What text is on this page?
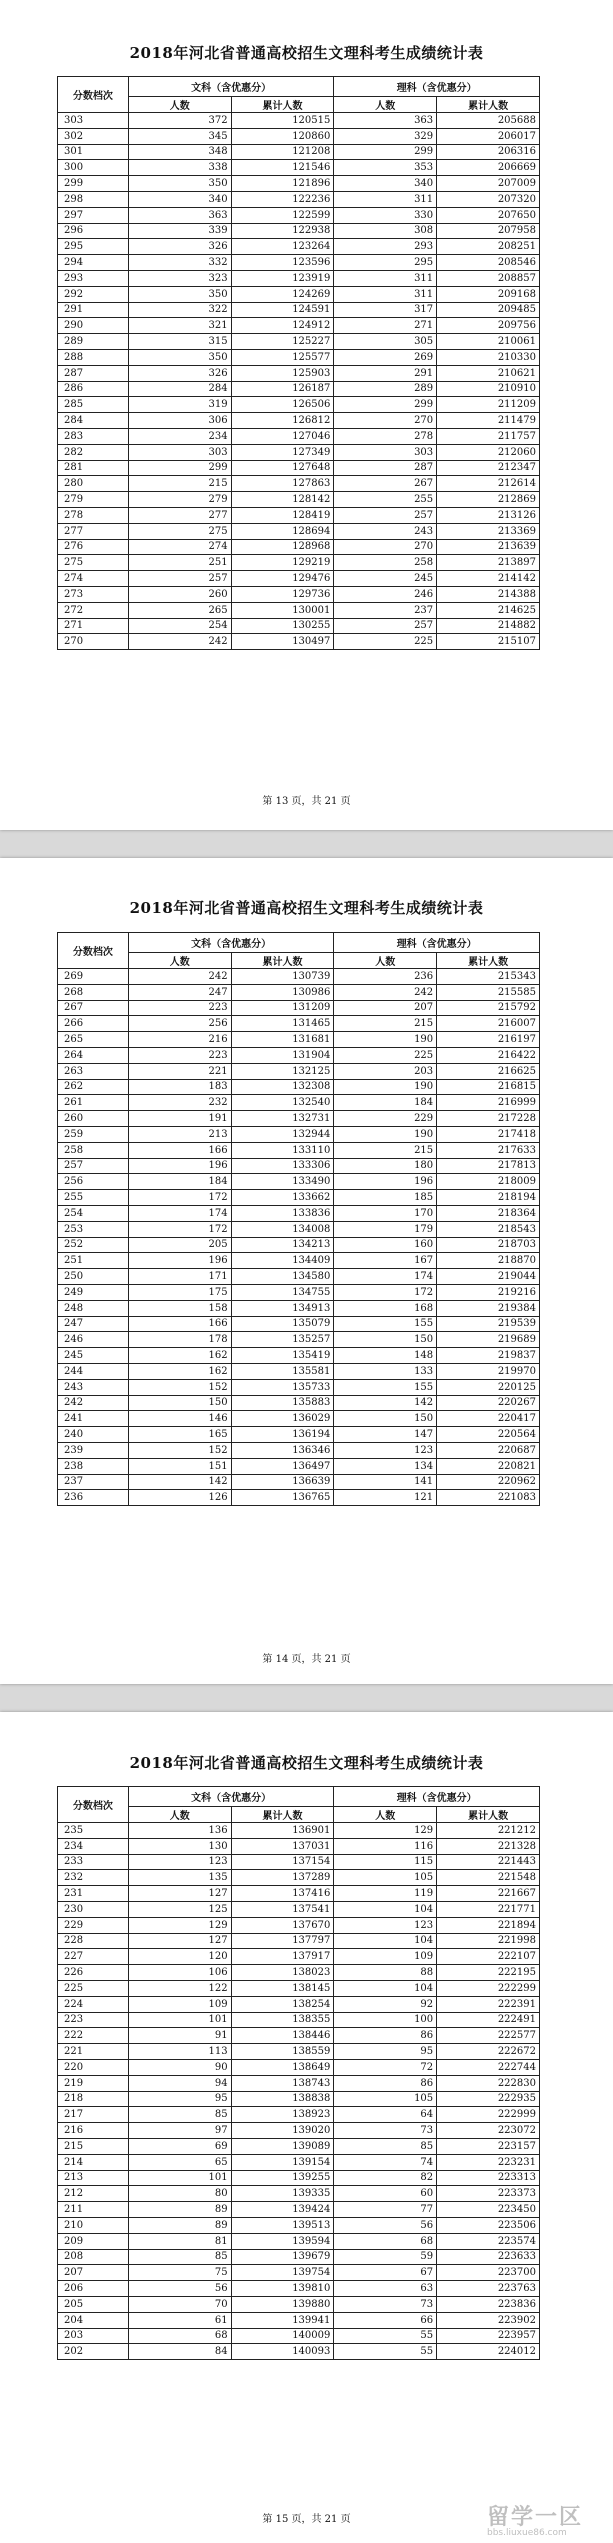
2018年河北省普通高校招生文理科考生成绩统计表
分数档次	文科（含优惠分）		理科（含优惠分）	
	人数	累计人数	人数	累计人数
303	372	120515	363	205688
302	345	120860	329	206017
301	348	121208	299	206316
300	338	121546	353	206669
299	350	121896	340	207009
298	340	122236	311	207320
297	363	122599	330	207650
296	339	122938	308	207958
295	326	123264	293	208251
294	332	123596	295	208546
293	323	123919	311	208857
292	350	124269	311	209168
291	322	124591	317	209485
290	321	124912	271	209756
289	315	125227	305	210061
288	350	125577	269	210330
287	326	125903	291	210621
286	284	126187	289	210910
285	319	126506	299	211209
284	306	126812	270	211479
283	234	127046	278	211757
282	303	127349	303	212060
281	299	127648	287	212347
280	215	127863	267	212614
279	279	128142	255	212869
278	277	128419	257	213126
277	275	128694	243	213369
276	274	128968	270	213639
275	251	129219	258	213897
274	257	129476	245	214142
273	260	129736	246	214388
272	265	130001	237	214625
271	254	130255	257	214882
270	242	130497	225	215107
第 13 页，共 21 页
2018年河北省普通高校招生文理科考生成绩统计表
分数档次	文科（含优惠分）		理科（含优惠分）	
	人数	累计人数	人数	累计人数
269	242	130739	236	215343
268	247	130986	242	215585
267	223	131209	207	215792
266	256	131465	215	216007
265	216	131681	190	216197
264	223	131904	225	216422
263	221	132125	203	216625
262	183	132308	190	216815
261	232	132540	184	216999
260	191	132731	229	217228
259	213	132944	190	217418
258	166	133110	215	217633
257	196	133306	180	217813
256	184	133490	196	218009
255	172	133662	185	218194
254	174	133836	170	218364
253	172	134008	179	218543
252	205	134213	160	218703
251	196	134409	167	218870
250	171	134580	174	219044
249	175	134755	172	219216
248	158	134913	168	219384
247	166	135079	155	219539
246	178	135257	150	219689
245	162	135419	148	219837
244	162	135581	133	219970
243	152	135733	155	220125
242	150	135883	142	220267
241	146	136029	150	220417
240	165	136194	147	220564
239	152	136346	123	220687
238	151	136497	134	220821
237	142	136639	141	220962
236	126	136765	121	221083
第 14 页，共 21 页
2018年河北省普通高校招生文理科考生成绩统计表
分数档次	文科（含优惠分）		理科（含优惠分）	
	人数	累计人数	人数	累计人数
235	136	136901	129	221212
234	130	137031	116	221328
233	123	137154	115	221443
232	135	137289	105	221548
231	127	137416	119	221667
230	125	137541	104	221771
229	129	137670	123	221894
228	127	137797	104	221998
227	120	137917	109	222107
226	106	138023	88	222195
225	122	138145	104	222299
224	109	138254	92	222391
223	101	138355	100	222491
222	91	138446	86	222577
221	113	138559	95	222672
220	90	138649	72	222744
219	94	138743	86	222830
218	95	138838	105	222935
217	85	138923	64	222999
216	97	139020	73	223072
215	69	139089	85	223157
214	65	139154	74	223231
213	101	139255	82	223313
212	80	139335	60	223373
211	89	139424	77	223450
210	89	139513	56	223506
209	81	139594	68	223574
208	85	139679	59	223633
207	75	139754	67	223700
206	56	139810	63	223763
205	70	139880	73	223836
204	61	139941	66	223902
203	68	140009	55	223957
202	84	140093	55	224012
第 15 页，共 21 页	留学一区
bbs.liuxue86.com
